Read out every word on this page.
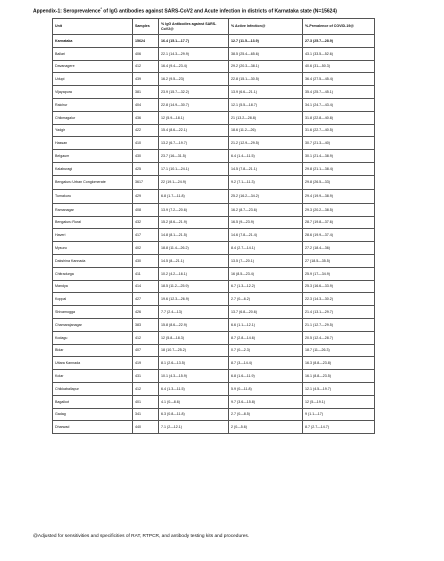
Appendix-1: Seroprevalence* of IgG antibodies against SARS-CoV2 and Acute infection in districts of Karnataka state (N=15624)
Unit	Samples	% IgG Antibodies against SARS-CoV2@	% Active Infection@	%-Prevalence of COVID-19@
Karnataka	15624	16.4 (15.1—17.7)	12.7 (11.5—13.9)	27.3 (25.7—28.9)
Ballari	406	22.1 (14.3—29.9)	38.5 (25.4—65.6)	43.1 (33.5—52.6)
Davanagere	412	16.4 (9.4—23.4)	29.2 (20.3—38.1)	40.6 (31—50.3)
Udupi	439	16.2 (9.5—23)	22.8 (15.1—30.5)	36.4 (27.5—45.4)
Vijayapura	381	23.9 (15.7—32.2)	13.9 (6.6—21.1)	35.4 (25.7—45.1)
Raichur	404	22.8 (14.9—30.7)	12.1 (5.5—18.7)	34.1 (24.7—43.4)
Chikmagalur	436	12 (5.9—18.1)	21 (13.2—28.8)	31.8 (22.8—40.8)
Yadgir	422	15.4 (8.6—22.1)	18.6 (11.2—26)	31.6 (22.7—40.5)
Hassan	410	13.2 (6.7—19.7)	21.2 (12.9—29.5)	30.7 (21.3—40)
Belgaum	430	23.7 (16—31.5)	6.4 (1.4—11.5)	30.1 (21.4—38.9)
Kalaburagi	425	17.1 (10.1—24.1)	14.5 (7.8—21.1)	29.8 (21.1—38.4)
Bengaluru Urban Conglomerate	3617	22 (19.1—24.9)	9.2 (7.1—11.3)	29.8 (26.5—33)
Tumakuru	429	6.8 (1.7—11.8)	25.2 (16.2—34.2)	29.4 (19.9—38.9)
Ramanagar	408	13.9 (7.2—20.6)	16.2 (8.7—23.6)	29.3 (20.2—38.5)
Bengaluru Rural	432	15.2 (8.6—21.9)	16.5 (9—23.9)	28.7 (19.8—37.6)
Haveri	417	14.8 (8.1—21.5)	14.6 (7.8—21.4)	28.6 (19.9—37.4)
Mysuru	402	18.8 (11.4—26.2)	8.4 (2.7—14.1)	27.2 (18.4—36)
Dakshina Kannada	430	14.5 (8—21.1)	13.5 (7—20.1)	27 (18.5—35.5)
Chitradurga	411	10.2 (4.2—16.1)	16 (8.5—23.4)	25.9 (17—34.9)
Mandya	414	18.5 (11.2—25.9)	6.7 (1.3—12.2)	25.3 (16.6—33.9)
Koppal	427	19.6 (12.3—26.9)	2.7 (0—6.2)	22.3 (14.3—30.2)
Shivamogga	426	7.7 (2.4—13)	13.7 (6.8—20.6)	21.4 (13.1—29.7)
Chamarajanagar	383	15.8 (8.6—22.9)	6.6 (1.1—12.1)	21.1 (12.7—29.5)
Kodagu	412	12 (5.8—18.3)	8.7 (2.8—14.6)	20.5 (12.4—28.7)
Bidar	407	18 (10.7—25.2)	0.7 (0—2.3)	18.7 (11—26.3)
Uttara Kannada	419	8.1 (2.6—13.5)	8.7 (3—14.4)	16.3 (8.8—23.8)
Kolar	431	10.1 (4.3—15.9)	6.8 (1.6—11.9)	16.1 (8.8—23.5)
Chikkaballapur	412	6.4 (1.3—11.5)	5.9 (0—11.8)	12.1 (4.5—19.7)
Bagalkot	401	4.1 (0—8.6)	9.7 (3.6—15.8)	12 (5—19.1)
Gadag	341	6.3 (0.8—11.8)	2.7 (0—8.5)	9 (1.1—17)
Dharwad	440	7.1 (2—12.1)	2 (0—5.6)	8.7 (2.7—14.7)
@Adjusted for sensitivities and specificities of RAT, RTPCR, and antibody testing kits and procedures.
